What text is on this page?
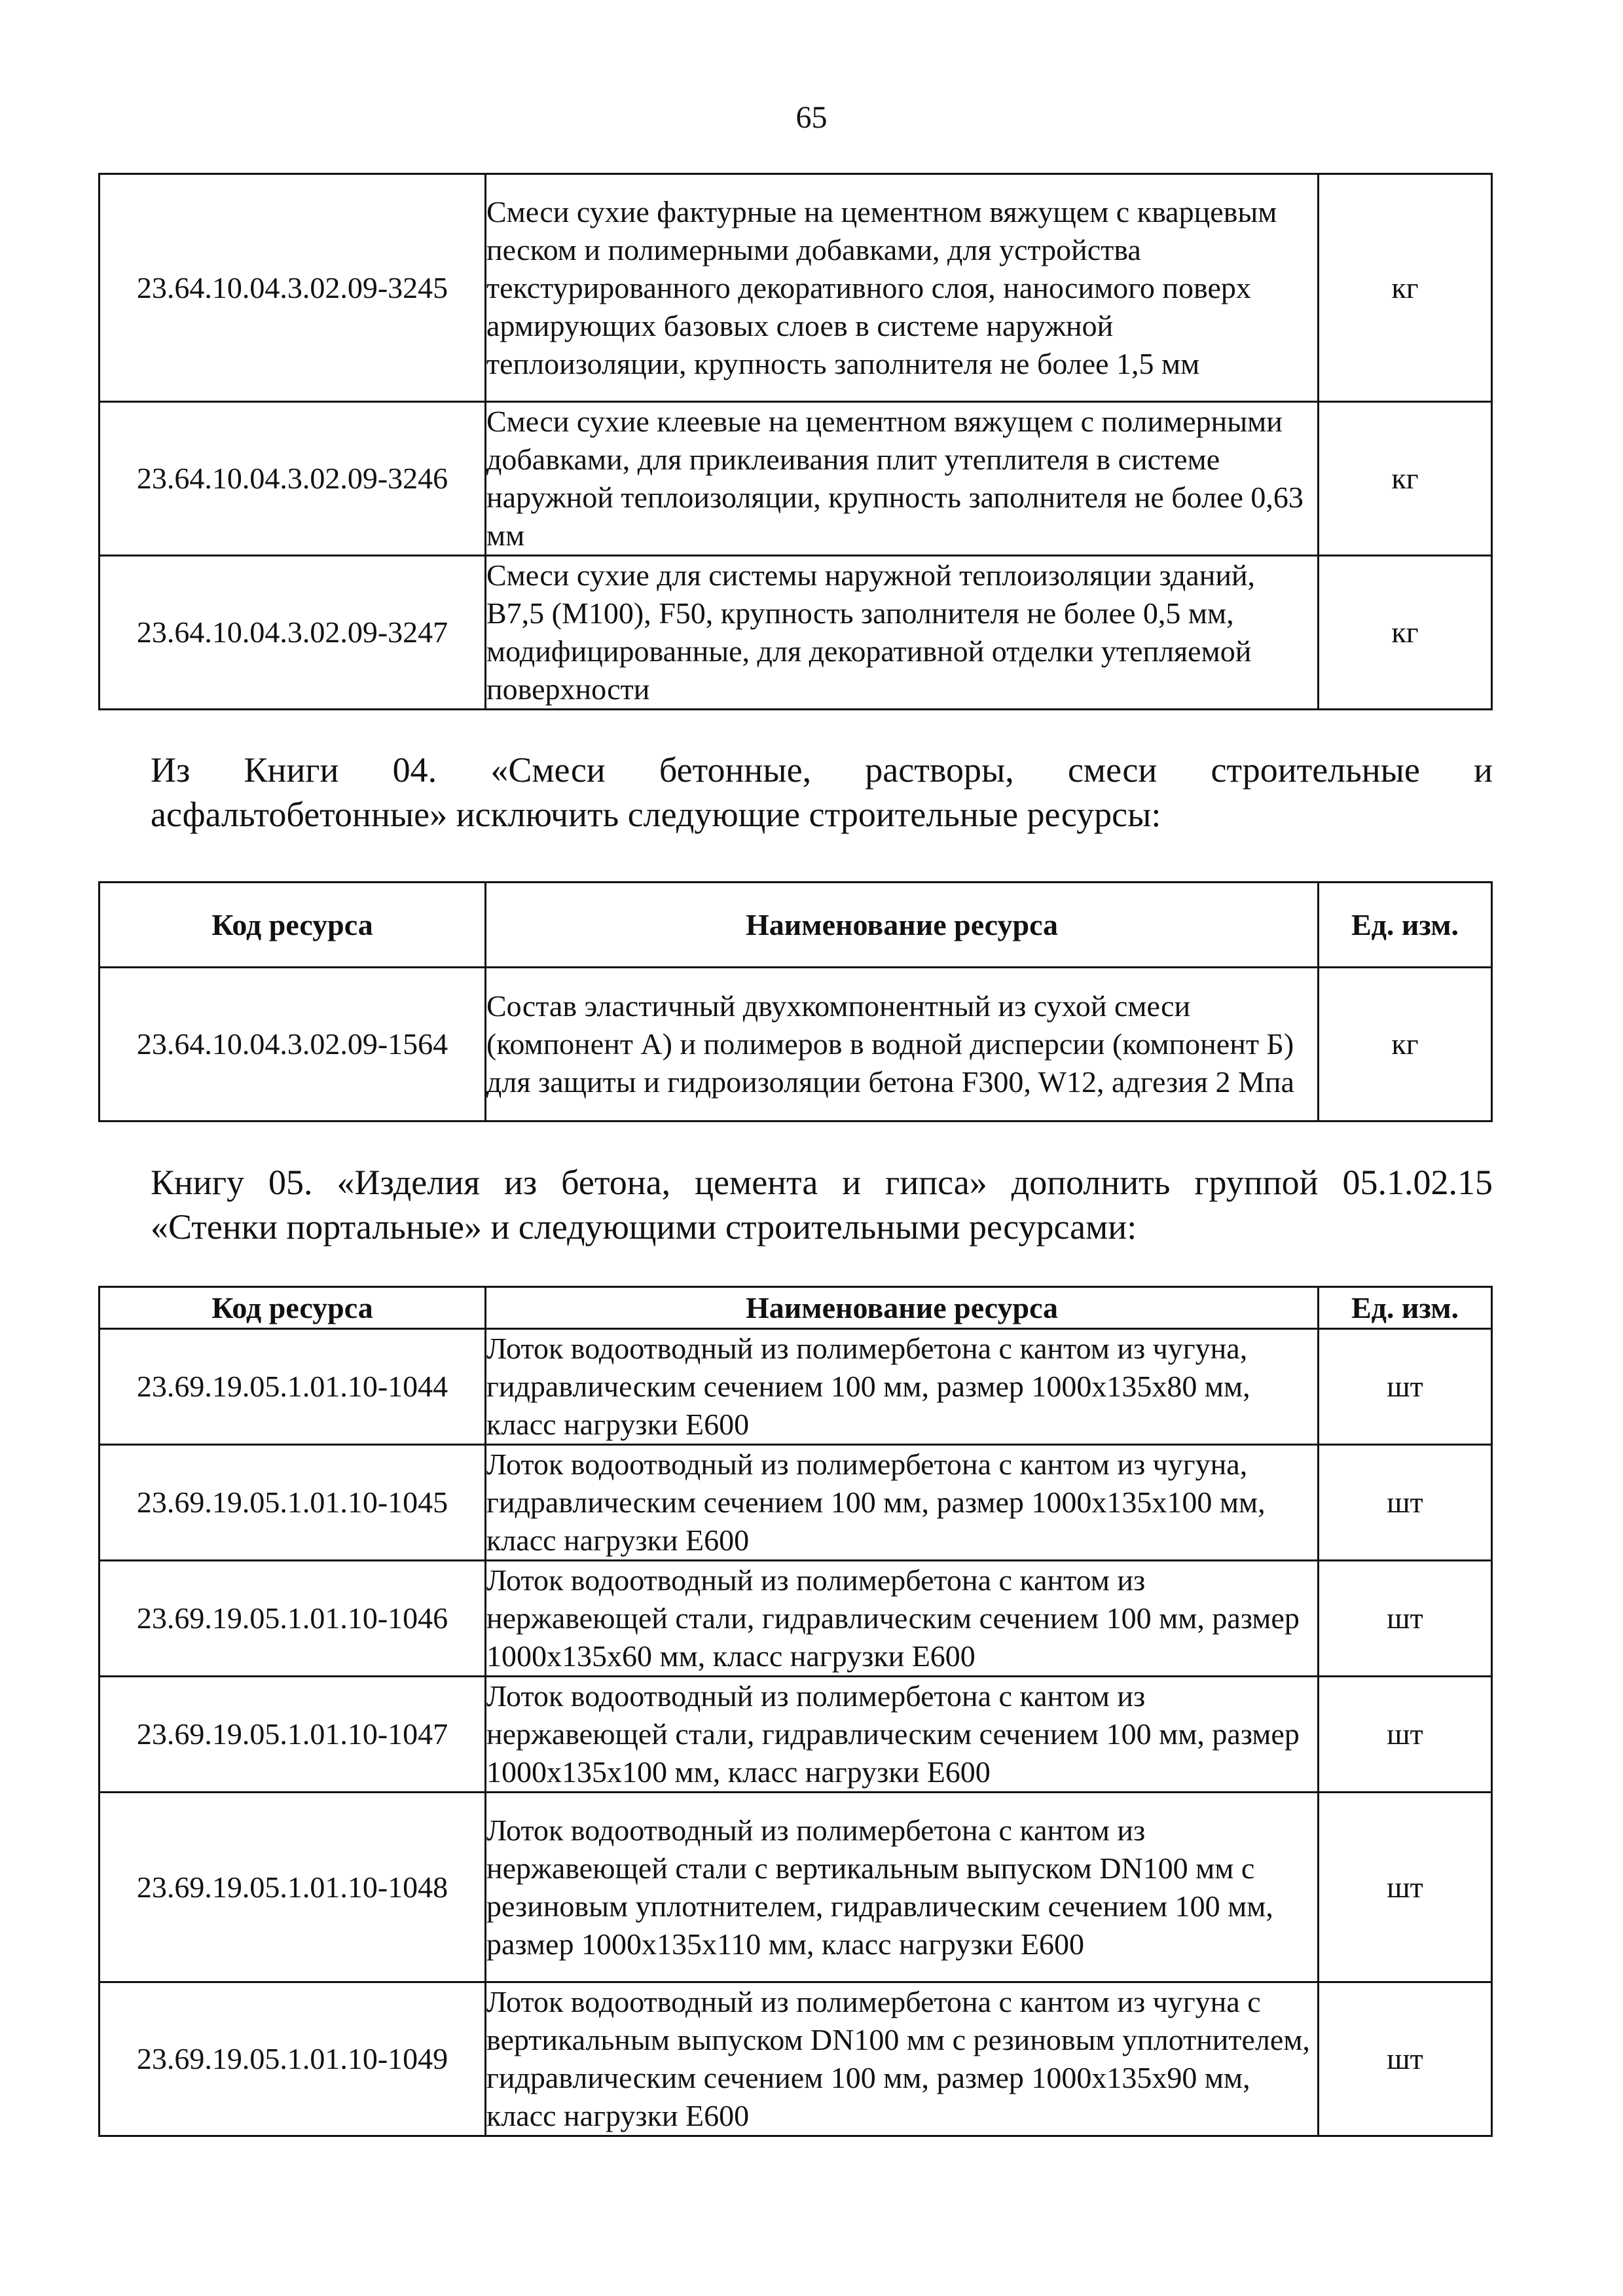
65
23.64.10.04.3.02.09-3245	Смеси сухие фактурные на цементном вяжущем с кварцевым песком и полимерными добавками, для устройства текстурированного декоративного слоя, наносимого поверх армирующих базовых слоев в системе наружной теплоизоляции, крупность заполнителя не более 1,5 мм	кг
23.64.10.04.3.02.09-3246	Смеси сухие клеевые на цементном вяжущем с полимерными добавками, для приклеивания плит утеплителя в системе наружной теплоизоляции, крупность заполнителя не более 0,63 мм	кг
23.64.10.04.3.02.09-3247	Смеси сухие для системы наружной теплоизоляции зданий, В7,5 (М100), F50, крупность заполнителя не более 0,5 мм, модифицированные, для декоративной отделки утепляемой поверхности	кг
Из Книги 04. «Смеси бетонные, растворы, смеси строительные и
асфальтобетонные» исключить следующие строительные ресурсы:
Код ресурса	Наименование ресурса	Ед. изм.
23.64.10.04.3.02.09-1564	Состав эластичный двухкомпонентный из сухой смеси (компонент А) и полимеров в водной дисперсии (компонент Б) для защиты и гидроизоляции бетона F300, W12, адгезия 2 Мпа	кг
Книгу 05. «Изделия из бетона, цемента и гипса» дополнить группой 05.1.02.15
«Стенки портальные» и следующими строительными ресурсами:
Код ресурса	Наименование ресурса	Ед. изм.
23.69.19.05.1.01.10-1044	Лоток водоотводный из полимербетона с кантом из чугуна, гидравлическим сечением 100 мм, размер 1000х135х80 мм, класс нагрузки Е600	шт
23.69.19.05.1.01.10-1045	Лоток водоотводный из полимербетона с кантом из чугуна, гидравлическим сечением 100 мм, размер 1000х135х100 мм, класс нагрузки Е600	шт
23.69.19.05.1.01.10-1046	Лоток водоотводный из полимербетона с кантом из нержавеющей стали, гидравлическим сечением 100 мм, размер 1000х135х60 мм, класс нагрузки Е600	шт
23.69.19.05.1.01.10-1047	Лоток водоотводный из полимербетона с кантом из нержавеющей стали, гидравлическим сечением 100 мм, размер 1000х135х100 мм, класс нагрузки Е600	шт
23.69.19.05.1.01.10-1048	Лоток водоотводный из полимербетона с кантом из нержавеющей стали с вертикальным выпуском DN100 мм с резиновым уплотнителем, гидравлическим сечением 100 мм, размер 1000х135х110 мм, класс нагрузки Е600	шт
23.69.19.05.1.01.10-1049	Лоток водоотводный из полимербетона с кантом из чугуна с вертикальным выпуском DN100 мм с резиновым уплотнителем, гидравлическим сечением 100 мм, размер 1000х135х90 мм, класс нагрузки Е600	шт
